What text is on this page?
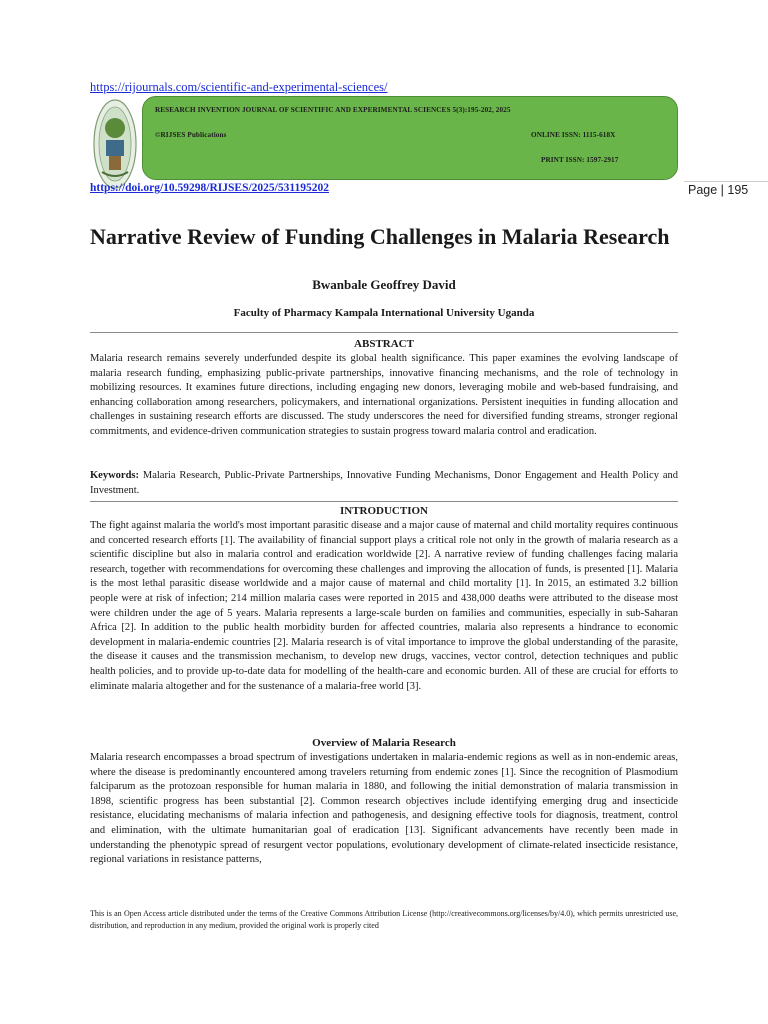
https://rijournals.com/scientific-and-experimental-sciences/
RESEARCH INVENTION JOURNAL OF SCIENTIFIC AND EXPERIMENTAL SCIENCES 5(3):195-202, 2025
©RIJSES Publications	ONLINE ISSN: 1115-618X
PRINT ISSN: 1597-2917
https://doi.org/10.59298/RIJSES/2025/531195202	Page | 195
Narrative Review of Funding Challenges in Malaria Research
Bwanbale Geoffrey David
Faculty of Pharmacy Kampala International University Uganda
ABSTRACT
Malaria research remains severely underfunded despite its global health significance. This paper examines the evolving landscape of malaria research funding, emphasizing public-private partnerships, innovative financing mechanisms, and the role of technology in mobilizing resources. It examines future directions, including engaging new donors, leveraging mobile and web-based fundraising, and enhancing collaboration among researchers, policymakers, and international organizations. Persistent inequities in funding allocation and challenges in sustaining research efforts are discussed. The study underscores the need for diversified funding streams, stronger regional commitments, and evidence-driven communication strategies to sustain progress toward malaria control and eradication.
Keywords: Malaria Research, Public-Private Partnerships, Innovative Funding Mechanisms, Donor Engagement and Health Policy and Investment.
INTRODUCTION
The fight against malaria the world's most important parasitic disease and a major cause of maternal and child mortality requires continuous and concerted research efforts [1]. The availability of financial support plays a critical role not only in the growth of malaria research as a scientific discipline but also in malaria control and eradication worldwide [2]. A narrative review of funding challenges facing malaria research, together with recommendations for overcoming these challenges and improving the allocation of funds, is presented [1]. Malaria is the most lethal parasitic disease worldwide and a major cause of maternal and child mortality [1]. In 2015, an estimated 3.2 billion people were at risk of infection; 214 million malaria cases were reported in 2015 and 438,000 deaths were attributed to the disease most were children under the age of 5 years. Malaria represents a large-scale burden on families and communities, especially in sub-Saharan Africa [2]. In addition to the public health morbidity burden for affected countries, malaria also represents a hindrance to economic development in malaria-endemic countries [2]. Malaria research is of vital importance to improve the global understanding of the parasite, the disease it causes and the transmission mechanism, to develop new drugs, vaccines, vector control, detection techniques and public health policies, and to provide up-to-date data for modelling of the health-care and economic burden. All of these are crucial for efforts to eliminate malaria altogether and for the sustenance of a malaria-free world [3].
Overview of Malaria Research
Malaria research encompasses a broad spectrum of investigations undertaken in malaria-endemic regions as well as in non-endemic areas, where the disease is predominantly encountered among travelers returning from endemic zones [1]. Since the recognition of Plasmodium falciparum as the protozoan responsible for human malaria in 1880, and following the initial demonstration of malaria transmission in 1898, scientific progress has been substantial [2]. Common research objectives include identifying emerging drug and insecticide resistance, elucidating mechanisms of malaria infection and pathogenesis, and designing effective tools for diagnosis, treatment, control and elimination, with the ultimate humanitarian goal of eradication [13]. Significant advancements have recently been made in understanding the phenotypic spread of resurgent vector populations, evolutionary development of climate-related insecticide resistance, regional variations in resistance patterns,
This is an Open Access article distributed under the terms of the Creative Commons Attribution License (http://creativecommons.org/licenses/by/4.0), which permits unrestricted use, distribution, and reproduction in any medium, provided the original work is properly cited
